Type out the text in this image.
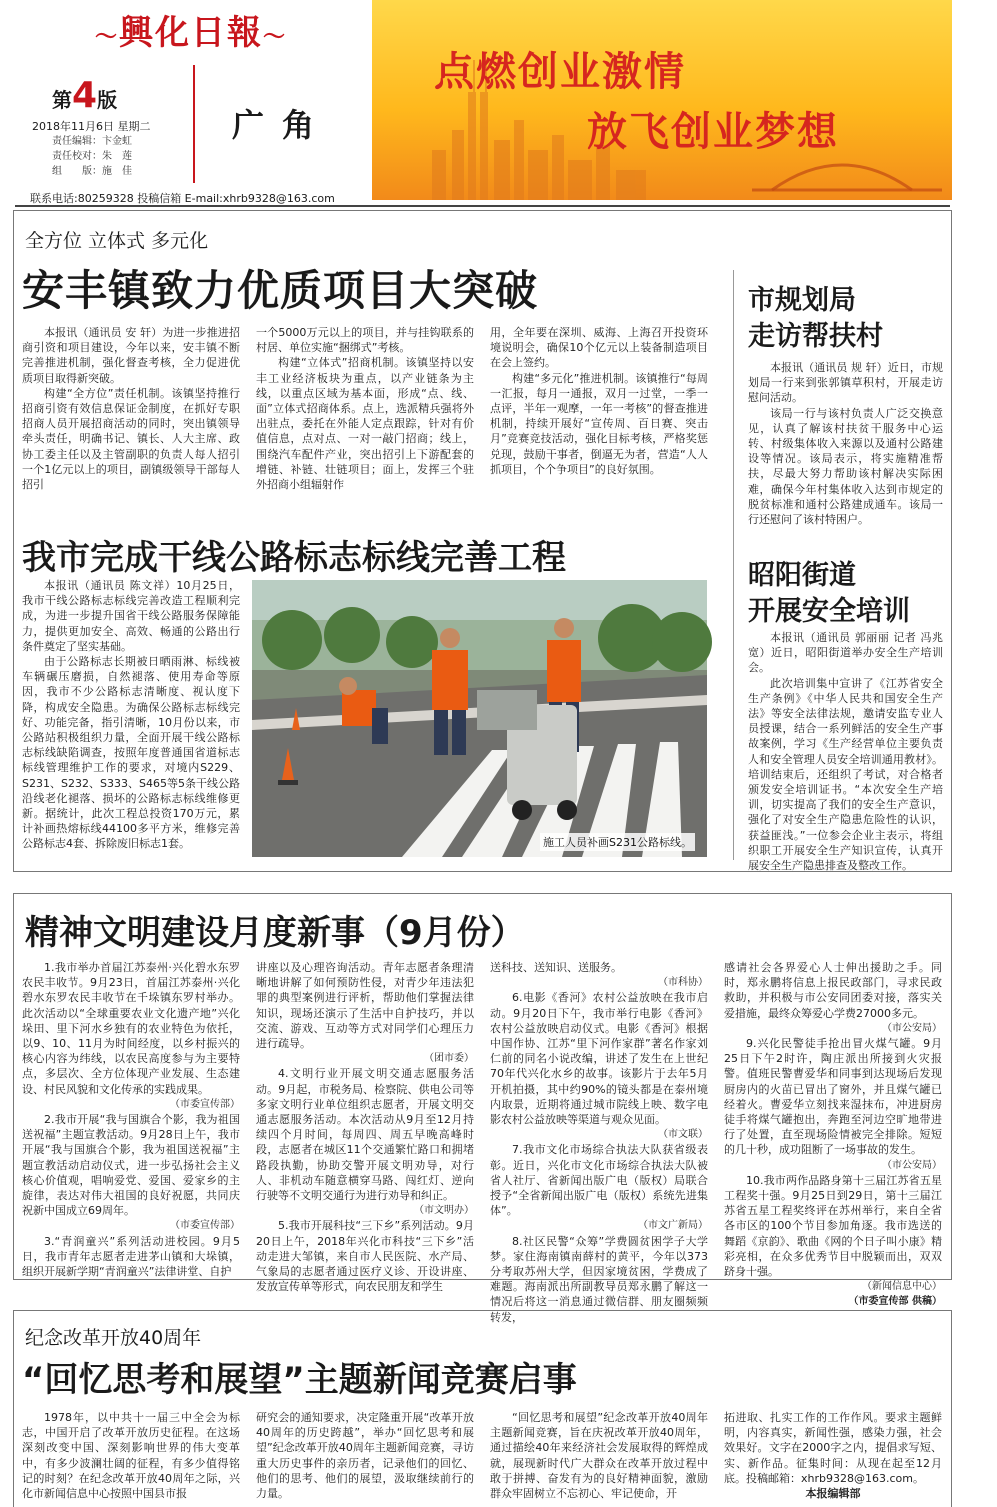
〜興化日報〜
第4版
2018年11月6日 星期二
责任编辑：卞金虹
责任校对：朱　莲
组　　版：施　佳
广角
联系电话:80259328 投稿信箱 E-mail:xhrb9328@163.com
点燃创业激情
放飞创业梦想
全方位 立体式 多元化
安丰镇致力优质项目大突破

本报讯（通讯员 安 轩）为进一步推进招商引资和项目建设，今年以来，安丰镇不断完善推进机制，强化督查考核，全力促进优质项目取得新突破。

构建“全方位”责任机制。该镇坚持推行招商引资有效信息保证金制度，在抓好专职招商人员开展招商活动的同时，突出镇领导牵头责任，明确书记、镇长、人大主席、政协工委主任以及主管副职的负责人每人招引一个1亿元以上的项目，副镇级领导干部每人招引

一个5000万元以上的项目，并与挂钩联系的村居、单位实施“捆绑式”考核。

构建“立体式”招商机制。该镇坚持以安丰工业经济板块为重点，以产业链条为主线，以重点区域为基本面，形成“点、线、面”立体式招商体系。点上，选派精兵强将外出驻点，委托在外能人定点跟踪，针对有价值信息，点对点、一对一敲门招商；线上，围绕汽车配件产业，突出招引上下游配套的增链、补链、壮链项目；面上，发挥三个驻外招商小组辐射作

用，全年要在深圳、威海、上海召开投资环境说明会，确保10个亿元以上装备制造项目在会上签约。

构建“多元化”推进机制。该镇推行“每周一汇报，每月一通报，双月一过堂，一季一点评，半年一观摩，一年一考核”的督查推进机制，持续开展好“宣传周、百日赛、突击月”竞赛竞技活动，强化目标考核，严格奖惩兑现，鼓励干事者，倒逼无为者，营造“人人抓项目，个个争项目”的良好氛围。

市规划局
走访帮扶村

本报讯（通讯员 规 轩）近日，市规划局一行来到张郭镇草积村，开展走访慰问活动。

该局一行与该村负责人广泛交换意见，认真了解该村扶贫干服务中心运转、村级集体收入来源以及通村公路建设等情况。该局表示，将实施精准帮扶，尽最大努力帮助该村解决实际困难，确保今年村集体收入达到市规定的脱贫标准和通村公路建成通车。该局一行还慰问了该村特困户。

我市完成干线公路标志标线完善工程

本报讯（通讯员 陈文祥）10月25日，我市干线公路标志标线完善改造工程顺利完成，为进一步提升国省干线公路服务保障能力，提供更加安全、高效、畅通的公路出行条件奠定了坚实基础。

由于公路标志长期被日晒雨淋、标线被车辆碾压磨损，自然褪落、使用寿命等原因，我市不少公路标志清晰度、视认度下降，构成安全隐患。为确保公路标志标线完好、功能完备，指引清晰，10月份以来，市公路站积极组织力量，全面开展干线公路标志标线缺陷调查，按照年度普通国省道标志标线管理维护工作的要求，对境内S229、S231、S232、S333、S465等5条干线公路沿线老化褪落、损坏的公路标志标线维修更新。据统计，此次工程总投资170万元，累计补画热熔标线44100多平方米，维修完善公路标志4套、拆除废旧标志1套。	施工人员补画S231公路标线。
昭阳街道
开展安全培训

本报讯（通讯员 郭丽丽 记者 冯兆宽）近日，昭阳街道举办安全生产培训会。

此次培训集中宣讲了《江苏省安全生产条例》《中华人民共和国安全生产法》等安全法律法规，邀请安监专业人员授课，结合一系列鲜活的安全生产事故案例，学习《生产经营单位主要负责人和安全管理人员安全培训通用教材》。培训结束后，还组织了考试，对合格者颁发安全培训证书。“本次安全生产培训，切实提高了我们的安全生产意识，强化了对安全生产隐患危险性的认识，获益匪浅。”一位参会企业主表示，将组织职工开展安全生产知识宣传，认真开展安全生产隐患排查及整改工作。

精神文明建设月度新事（9月份）

1.我市举办首届江苏泰州·兴化碧水东罗农民丰收节。9月23日，首届江苏泰州·兴化碧水东罗农民丰收节在千垛镇东罗村举办。此次活动以“全球重要农业文化遗产地”兴化垛田、里下河水乡独有的农业特色为依托，以9、10、11月为时间经度，以乡村振兴的核心内容为纬线，以农民高度参与为主要特点，多层次、全方位体现产业发展、生态建设、村民风貌和文化传承的实践成果。

（市委宣传部）

2.我市开展“我与国旗合个影，我为祖国送祝福”主题宣教活动。9月28日上午，我市开展“我与国旗合个影，我为祖国送祝福”主题宣教活动启动仪式，进一步弘扬社会主义核心价值观，唱响爱党、爱国、爱家乡的主旋律，表达对伟大祖国的良好祝愿，共同庆祝新中国成立69周年。

（市委宣传部）

3.“青润童兴”系列活动进校园。9月5日，我市青年志愿者走进茅山镇和大垛镇，组织开展新学期“青润童兴”法律讲堂、自护

讲座以及心理咨询活动。青年志愿者条理清晰地讲解了如何预防性侵，对青少年违法犯罪的典型案例进行评析，帮助他们掌握法律知识，现场还演示了生活中自护技巧，并以交流、游戏、互动等方式对同学们心理压力进行疏导。

（团市委）

4.文明行业开展文明交通志愿服务活动。9月起，市税务局、检察院、供电公司等多家文明行业单位组织志愿者，开展文明交通志愿服务活动。本次活动从9月至12月持续四个月时间，每周四、周五早晚高峰时段，志愿者在城区11个交通繁忙路口和拥堵路段执勤，协助交警开展文明劝导，对行人、非机动车随意横穿马路、闯红灯、逆向行驶等不文明交通行为进行劝导和纠正。

（市文明办）

5.我市开展科技“三下乡”系列活动。9月20日上午，2018年兴化市科技“三下乡”活动走进大邹镇，来自市人民医院、水产局、气象局的志愿者通过医疗义诊、开设讲座、发放宣传单等形式，向农民朋友和学生

送科技、送知识、送服务。

（市科协）

6.电影《香河》农村公益放映在我市启动。9月20日下午，我市举行电影《香河》农村公益放映启动仪式。电影《香河》根据中国作协、江苏“里下河作家群”著名作家刘仁前的同名小说改编，讲述了发生在上世纪70年代兴化水乡的故事。该影片于去年5月开机拍摄，其中约90%的镜头都是在泰州境内取景，近期将通过城市院线上映、数字电影农村公益放映等渠道与观众见面。

（市文联）

7.我市文化市场综合执法大队获省级表彰。近日，兴化市文化市场综合执法大队被省人社厅、省新闻出版广电（版权）局联合授予“全省新闻出版广电（版权）系统先进集体”。

（市文广新局）

8.社区民警“众筹”学费圆贫困学子大学梦。家住海南镇南薛村的黄平，今年以373分考取苏州大学，但因家境贫困，学费成了难题。海南派出所副教导员郑永鹏了解这一情况后将这一消息通过微信群、朋友圈频频转发，

感请社会各界爱心人士伸出援助之手。同时，郑永鹏将信息上报民政部门，寻求民政救助，并积极与市公安同团委对接，落实关爱措施，最终众筹爱心学费27000多元。

（市公安局）

9.兴化民警徒手抢出冒火煤气罐。9月25日下午2时许，陶庄派出所接到火灾报警。值班民警曹爱华和同事到达现场后发现厨房内的火苗已冒出了窗外，并且煤气罐已经着火。曹爱华立刻找来湿抹布，冲进厨房徒手将煤气罐抱出，奔跑至河边空旷地带进行了处置，直至现场险情被完全排除。短短的几十秒，成功阻断了一场事故的发生。

（市公安局）

10.我市两作品路身第十三届江苏省五星工程奖十强。9月25日到29日，第十三届江苏省五星工程奖终评在苏州举行，来自全省各市区的100个节目参加角逐。我市选送的舞蹈《京韵》、歌曲《网的个日子叫小康》精彩亮相，在众多优秀节目中脱颖而出，双双跻身十强。

（新闻信息中心）

（市委宣传部 供稿）

纪念改革开放40周年
“回忆思考和展望”主题新闻竞赛启事

1978年，以中共十一届三中全会为标志，中国开启了改革开放历史征程。在这场深刻改变中国、深刻影响世界的伟大变革中，有多少波澜壮阔的征程，有多少值得铭记的时刻？在纪念改革开放40周年之际，兴化市新闻信息中心按照中国县市报

研究会的通知要求，决定隆重开展“改革开放40周年的历史跨越”，举办“回忆思考和展望”纪念改革开放40周年主题新闻竞赛，寻访重大历史事件的亲历者，记录他们的回忆、他们的思考、他们的展望，汲取继续前行的力量。

“回忆思考和展望”纪念改革开放40周年主题新闻竞赛，旨在庆祝改革开放40周年，通过描绘40年来经济社会发展取得的辉煌成就，展现新时代广大群众在改革开放过程中敢于拼搏、奋发有为的良好精神面貌，激励群众牢固树立不忘初心、牢记使命，开

拓进取、扎实工作的工作作风。要求主题鲜明，内容真实，新闻性强，感染力强，社会效果好。文字在2000字之内，提倡求写短、实、新作品。征集时间：从现在起至12月底。投稿邮箱：xhrb9328@163.com。

本报编辑部
